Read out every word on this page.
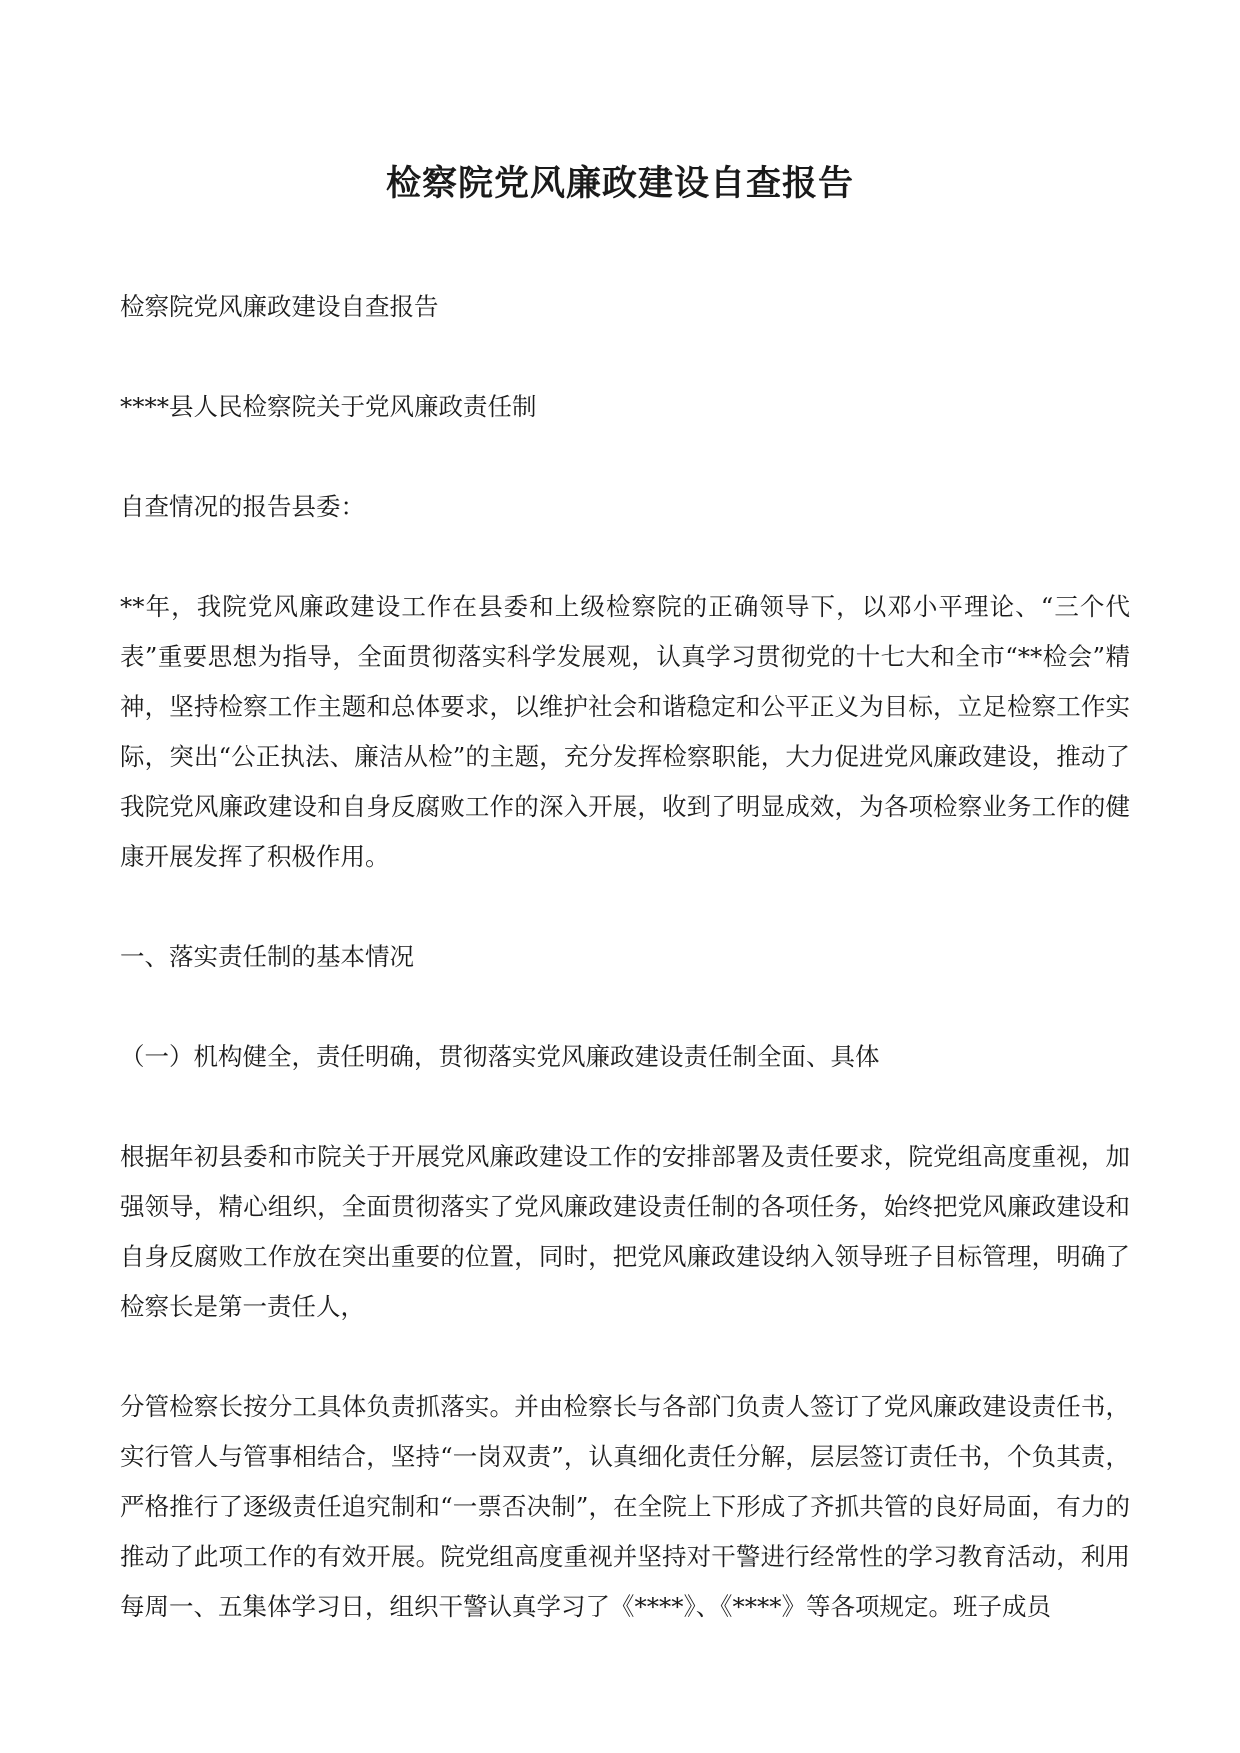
检察院党风廉政建设自查报告

检察院党风廉政建设自查报告

****县人民检察院关于党风廉政责任制

自查情况的报告县委：

**年，我院党风廉政建设工作在县委和上级检察院的正确领导下，以邓小平理论、“三个代表”重要思想为指导，全面贯彻落实科学发展观，认真学习贯彻党的十七大和全市“**检会”精神，坚持检察工作主题和总体要求，以维护社会和谐稳定和公平正义为目标，立足检察工作实际，突出“公正执法、廉洁从检”的主题，充分发挥检察职能，大力促进党风廉政建设，推动了我院党风廉政建设和自身反腐败工作的深入开展，收到了明显成效，为各项检察业务工作的健康开展发挥了积极作用。

一、落实责任制的基本情况

（一）机构健全，责任明确，贯彻落实党风廉政建设责任制全面、具体

根据年初县委和市院关于开展党风廉政建设工作的安排部署及责任要求，院党组高度重视，加强领导，精心组织，全面贯彻落实了党风廉政建设责任制的各项任务，始终把党风廉政建设和自身反腐败工作放在突出重要的位置，同时，把党风廉政建设纳入领导班子目标管理，明确了检察长是第一责任人，

分管检察长按分工具体负责抓落实。并由检察长与各部门负责人签订了党风廉政建设责任书，实行管人与管事相结合，坚持“一岗双责”，认真细化责任分解，层层签订责任书，个负其责，严格推行了逐级责任追究制和“一票否决制”，在全院上下形成了齐抓共管的良好局面，有力的推动了此项工作的有效开展。院党组高度重视并坚持对干警进行经常性的学习教育活动，利用每周一、五集体学习日，组织干警认真学习了《****》、《****》等各项规定。班子成员
